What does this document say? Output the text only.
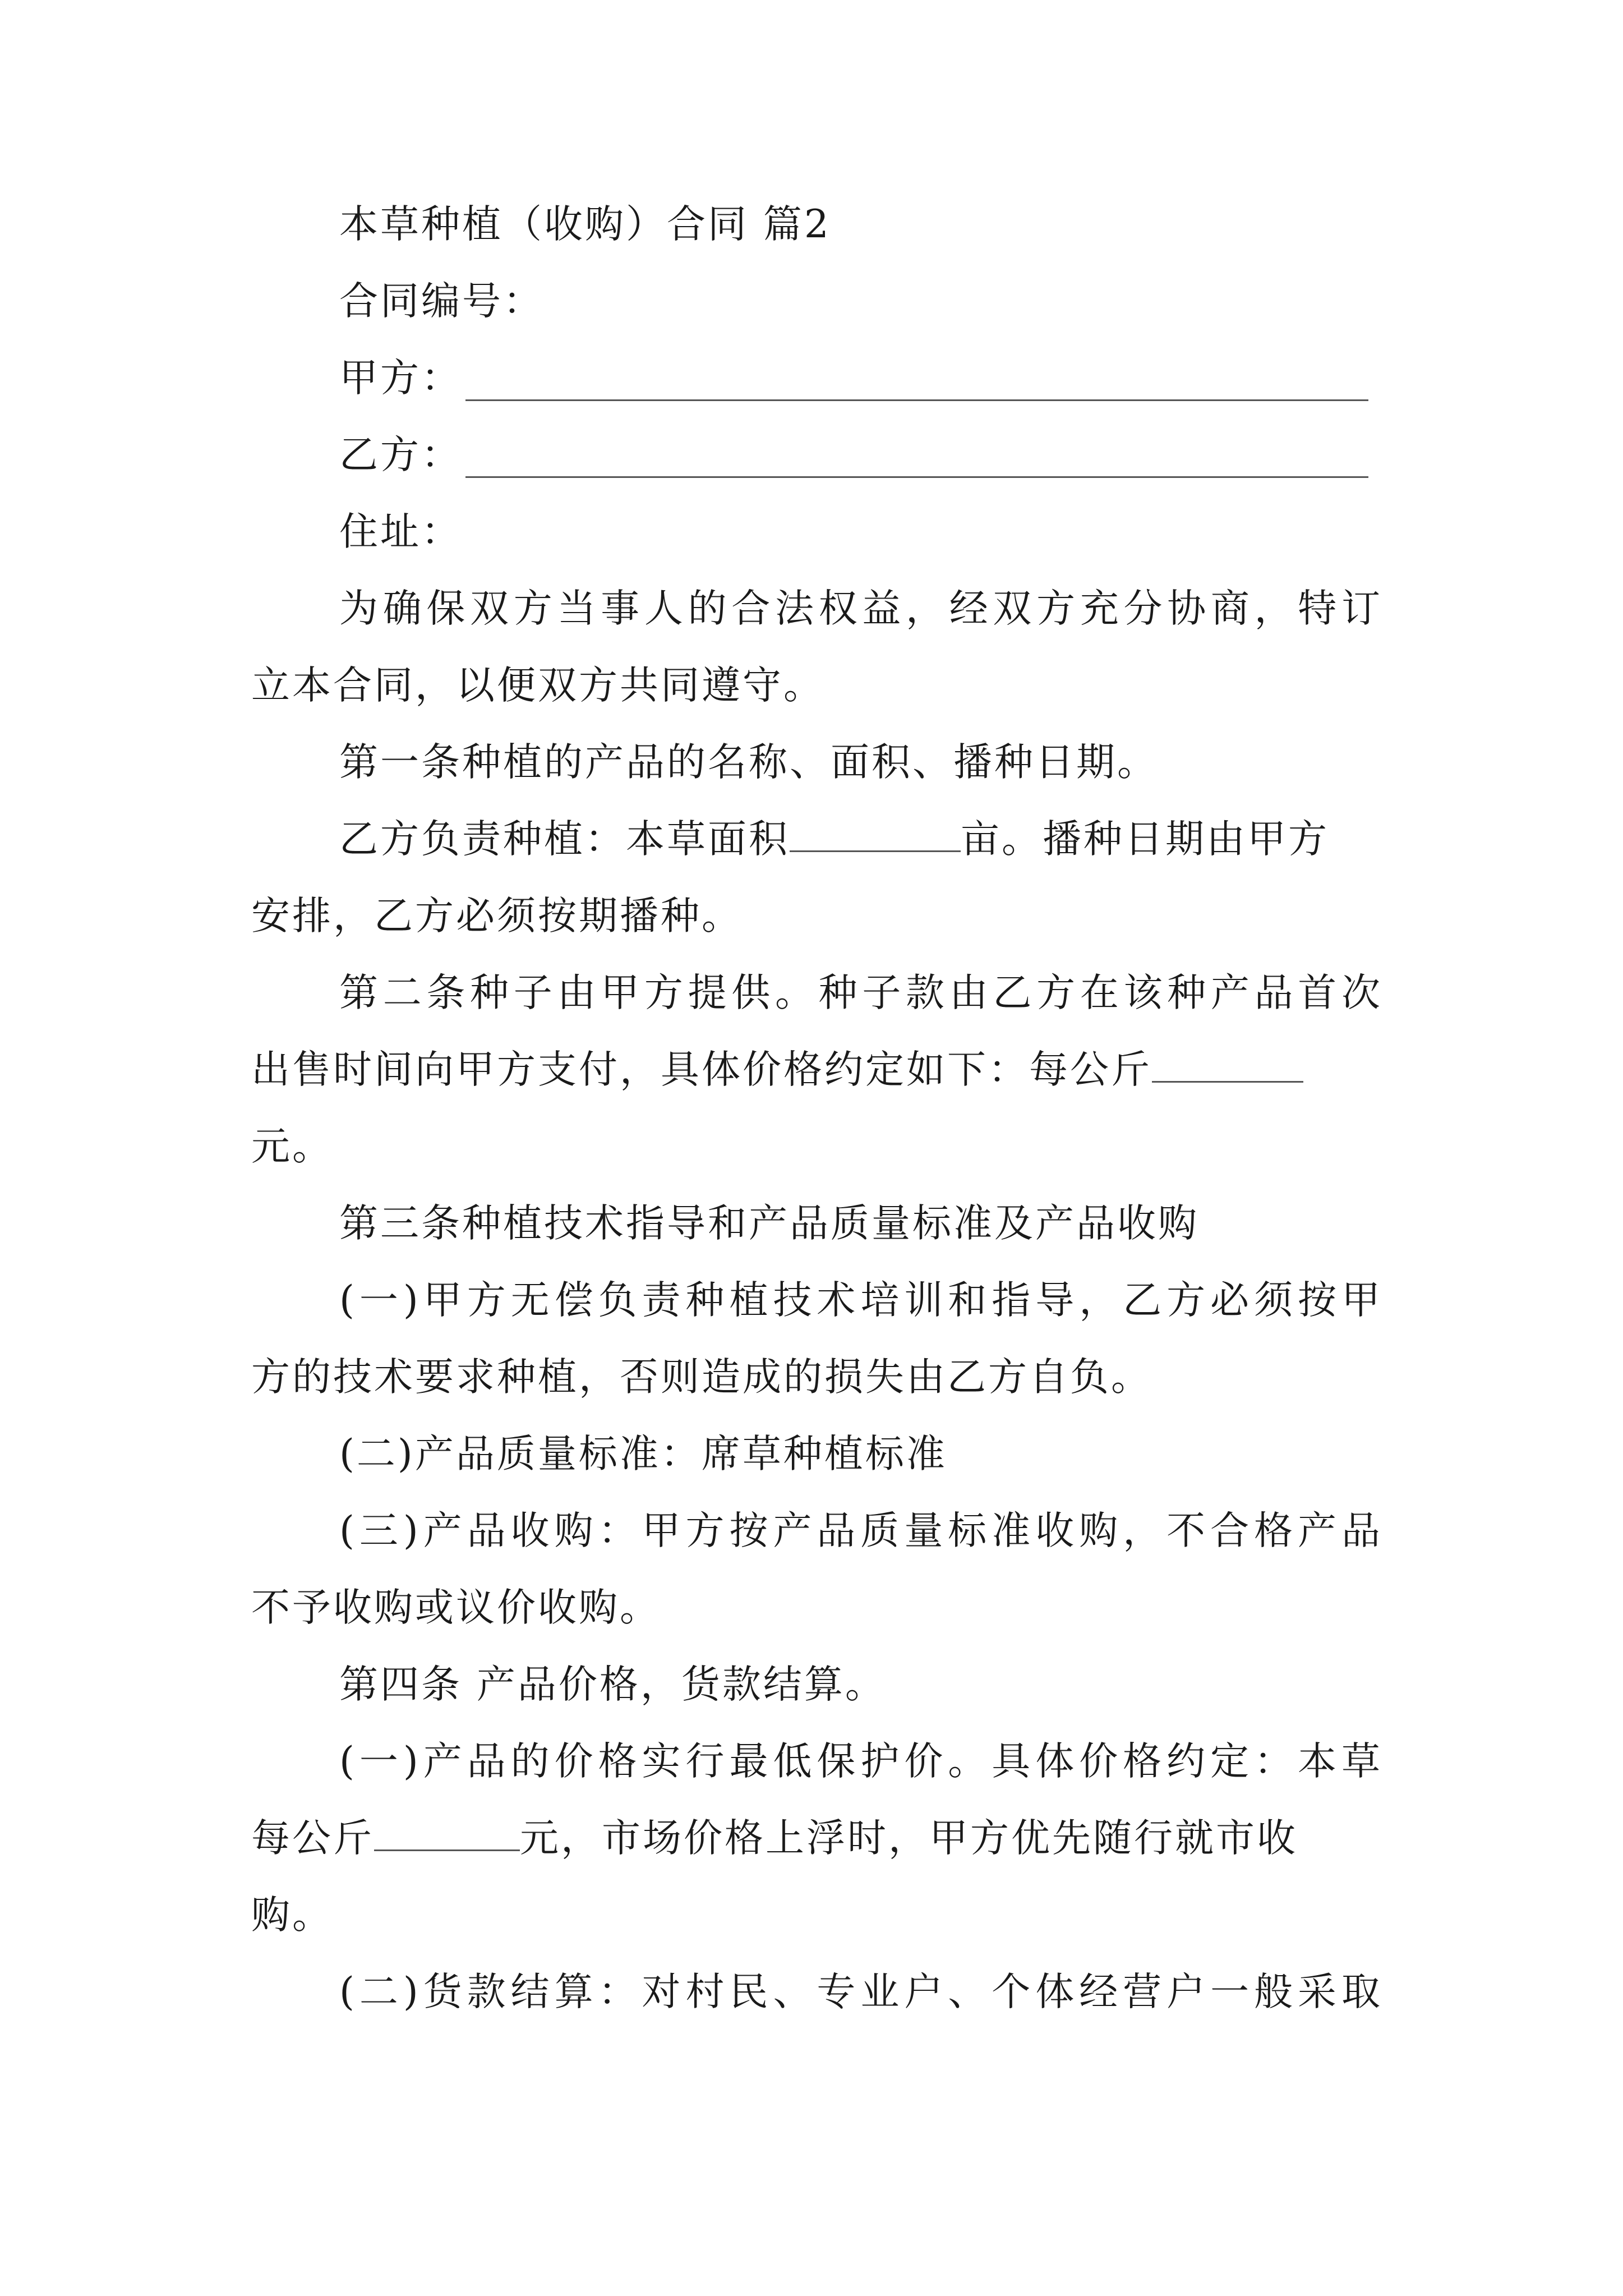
本草种植（收购）合同 篇2
合同编号：
甲方：
乙方：
住址：
为确保双方当事人的合法权益，经双方充分协商，特订
立本合同，以便双方共同遵守。
第一条种植的产品的名称、面积、播种日期。
乙方负责种植：本草面积	亩。播种日期由甲方
安排，乙方必须按期播种。
第二条种子由甲方提供。种子款由乙方在该种产品首次
出售时间向甲方支付，具体价格约定如下：每公斤
元。
第三条种植技术指导和产品质量标准及产品收购
(一)甲方无偿负责种植技术培训和指导，乙方必须按甲
方的技术要求种植，否则造成的损失由乙方自负。
(二)产品质量标准：席草种植标准
(三)产品收购：甲方按产品质量标准收购，不合格产品
不予收购或议价收购。
第四条 产品价格，货款结算。
(一)产品的价格实行最低保护价。具体价格约定：本草
每公斤	元，市场价格上浮时，甲方优先随行就市收
购。
(二)货款结算：对村民、专业户、个体经营户一般采取
